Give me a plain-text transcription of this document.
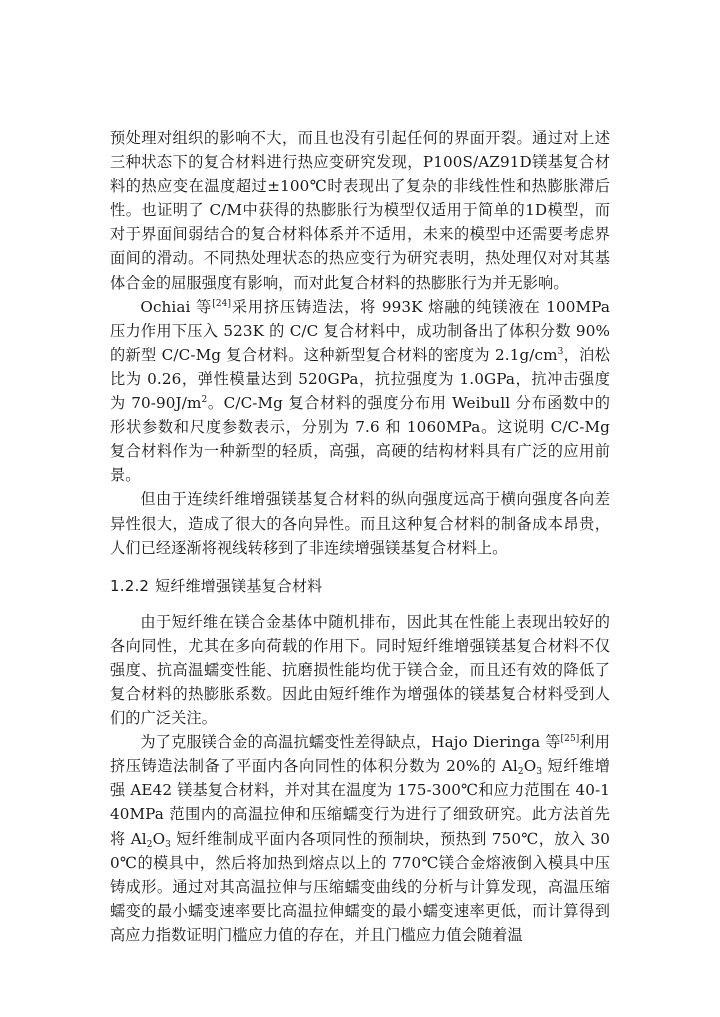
预处理对组织的影响不大，而且也没有引起任何的界面开裂。通过对上述三种状态下的复合材料进行热应变研究发现，P100S/AZ91D镁基复合材料的热应变在温度超过±100℃时表现出了复杂的非线性性和热膨胀滞后性。也证明了 C/M中获得的热膨胀行为模型仅适用于简单的1D模型，而对于界面间弱结合的复合材料体系并不适用，未来的模型中还需要考虑界面间的滑动。不同热处理状态的热应变行为研究表明，热处理仅对对其基体合金的屈服强度有影响，而对此复合材料的热膨胀行为并无影响。

Ochiai 等[24]采用挤压铸造法，将 993K 熔融的纯镁液在 100MPa 压力作用下压入 523K 的 C/C 复合材料中，成功制备出了体积分数 90%的新型 C/C-Mg 复合材料。这种新型复合材料的密度为 $2.1g/cm^3$，泊松比为 0.26，弹性模量达到 520GPa，抗拉强度为 1.0GPa，抗冲击强度为 $70-90J/m^2$。C/C-Mg 复合材料的强度分布用 Weibull 分布函数中的形状参数和尺度参数表示，分别为 7.6 和 1060MPa。这说明 C/C-Mg 复合材料作为一种新型的轻质，高强，高硬的结构材料具有广泛的应用前景。

但由于连续纤维增强镁基复合材料的纵向强度远高于横向强度各向差异性很大，造成了很大的各向异性。而且这种复合材料的制备成本昂贵，人们已经逐渐将视线转移到了非连续增强镁基复合材料上。

1.2.2 短纤维增强镁基复合材料

由于短纤维在镁合金基体中随机排布，因此其在性能上表现出较好的各向同性，尤其在多向荷载的作用下。同时短纤维增强镁基复合材料不仅强度、抗高温蠕变性能、抗磨损性能均优于镁合金，而且还有效的降低了复合材料的热膨胀系数。因此由短纤维作为增强体的镁基复合材料受到人们的广泛关注。

为了克服镁合金的高温抗蠕变性差得缺点，Hajo Dieringa 等[25]利用挤压铸造法制备了平面内各向同性的体积分数为 20%的 $Al_2O_3$ 短纤维增强 AE42 镁基复合材料，并对其在温度为 175-300℃和应力范围在 40-140MPa 范围内的高温拉伸和压缩蠕变行为进行了细致研究。此方法首先将 $Al_2O_3$ 短纤维制成平面内各项同性的预制块，预热到 750℃，放入 300℃的模具中，然后将加热到熔点以上的 770℃镁合金熔液倒入模具中压铸成形。通过对其高温拉伸与压缩蠕变曲线的分析与计算发现，高温压缩蠕变的最小蠕变速率要比高温拉伸蠕变的最小蠕变速率更低，而计算得到高应力指数证明门槛应力值的存在，并且门槛应力值会随着温
